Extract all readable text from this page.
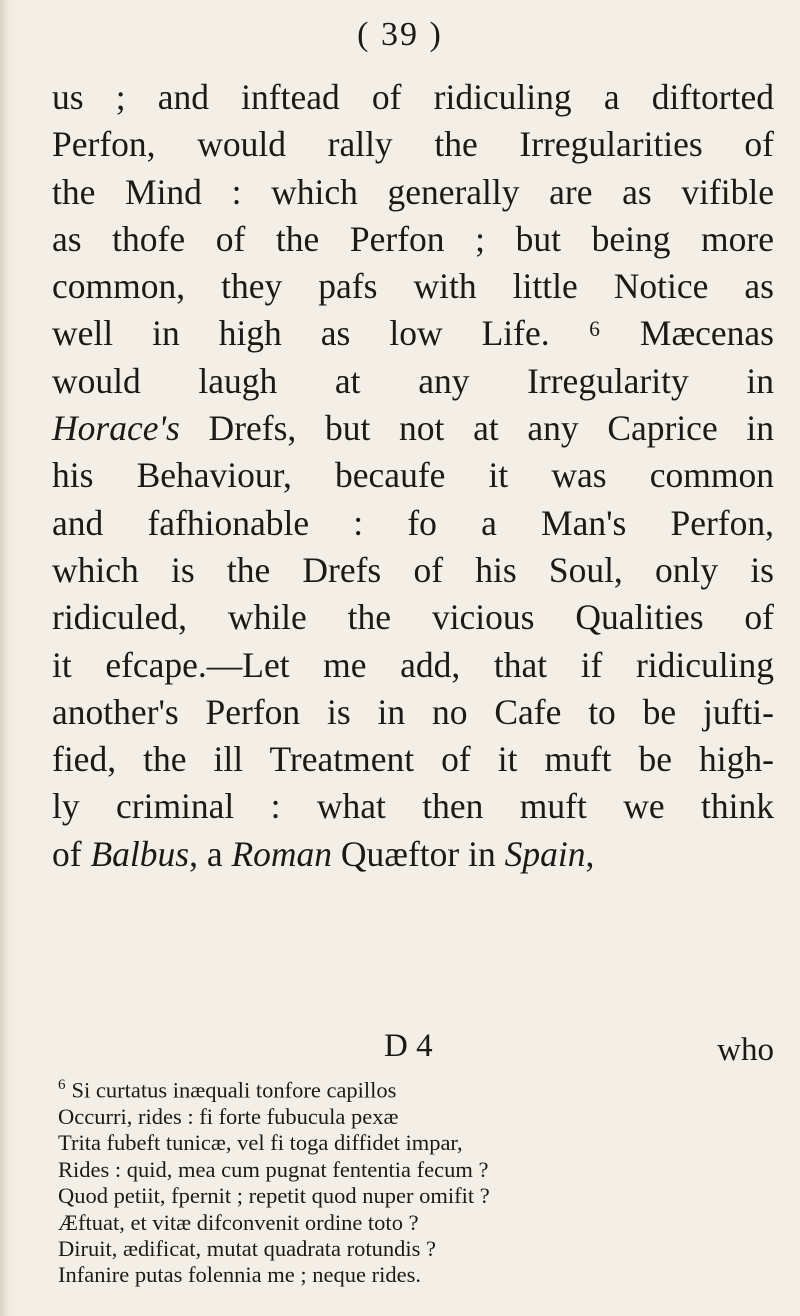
( 39 )
us ; and inftead of ridiculing a diftorted
Perfon, would rally the Irregularities of
the Mind : which generally are as vifible
as thofe of the Perfon ; but being more
common, they pafs with little Notice as
well in high as low Life. ⁶ Mæcenas
would laugh at any Irregularity in
Horace's Drefs, but not at any Caprice in
his Behaviour, becaufe it was common
and fafhionable : fo a Man's Perfon,
which is the Drefs of his Soul, only is
ridiculed, while the vicious Qualities of
it efcape.—Let me add, that if ridiculing
another's Perfon is in no Cafe to be jufti-
fied, the ill Treatment of it muft be high-
ly criminal : what then muft we think
of Balbus, a Roman Quæftor in Spain,
D 4	who
$^6$ Si curtatus inæquali tonfore capillos
Occurri, rides : fi forte fubucula pexæ
Trita fubeft tunicæ, vel fi toga diffidet impar,
Rides : quid, mea cum pugnat fententia fecum ?
Quod petiit, fpernit ; repetit quod nuper omifit ?
Æftuat, et vitæ difconvenit ordine toto ?
Diruit, ædificat, mutat quadrata rotundis ?
Infanire putas folennia me ; neque rides.
